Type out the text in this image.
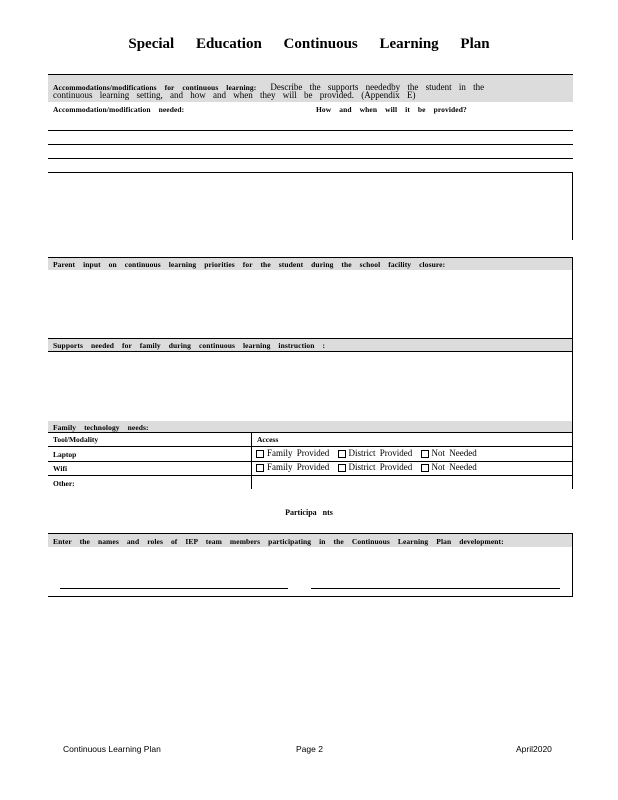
Special Education Continuous Learning Plan
Accommodations/modifications for continuous learning: Describe the supports neededby the student in the
continuous learning setting, and how and when they will be provided. (Appendix E)
Accommodation/modification needed:	How and when will it be provided?
Parent input on continuous learning priorities for the student during the school facility closure:
Supports needed for family during continuous learning instruction :
Family technology needs:
Tool/Modality	Access
Laptop	Family Provided District Provided Not Needed
Wifi	Family Provided District Provided Not Needed
Other:
Participa nts
Enter the names and roles of IEP team members participating in the Continuous Learning Plan development:
Continuous Learning Plan	Page 2	April2020
